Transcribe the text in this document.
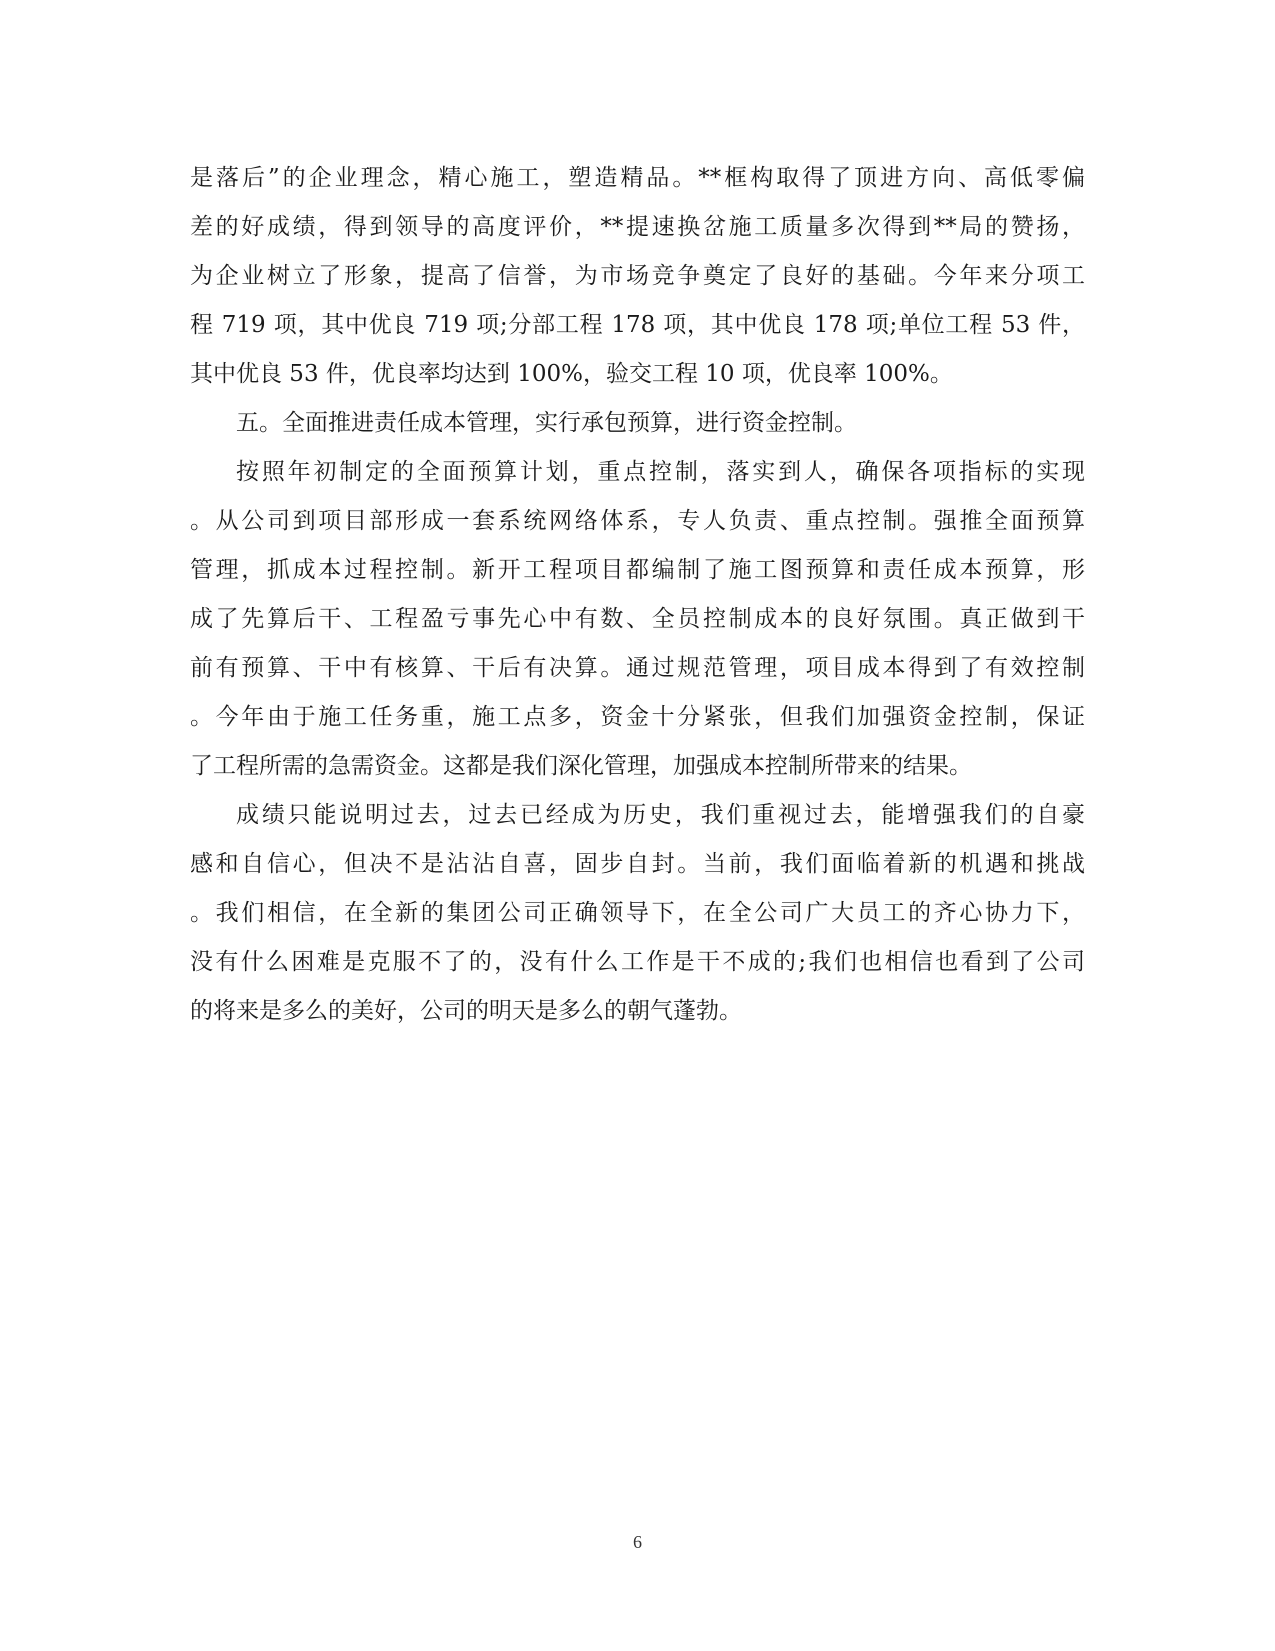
是落后”的企业理念，精心施工，塑造精品。**框构取得了顶进方向、高低零偏
差的好成绩，得到领导的高度评价，**提速换岔施工质量多次得到**局的赞扬，
为企业树立了形象，提高了信誉，为市场竞争奠定了良好的基础。今年来分项工
程 719 项，其中优良 719 项;分部工程 178 项，其中优良 178 项;单位工程 53 件，
其中优良 53 件，优良率均达到 100%，验交工程 10 项，优良率 100%。
五。全面推进责任成本管理，实行承包预算，进行资金控制。
按照年初制定的全面预算计划，重点控制，落实到人，确保各项指标的实现
。从公司到项目部形成一套系统网络体系，专人负责、重点控制。强推全面预算
管理，抓成本过程控制。新开工程项目都编制了施工图预算和责任成本预算，形
成了先算后干、工程盈亏事先心中有数、全员控制成本的良好氛围。真正做到干
前有预算、干中有核算、干后有决算。通过规范管理，项目成本得到了有效控制
。今年由于施工任务重，施工点多，资金十分紧张，但我们加强资金控制，保证
了工程所需的急需资金。这都是我们深化管理，加强成本控制所带来的结果。
成绩只能说明过去，过去已经成为历史，我们重视过去，能增强我们的自豪
感和自信心，但决不是沾沾自喜，固步自封。当前，我们面临着新的机遇和挑战
。我们相信，在全新的集团公司正确领导下，在全公司广大员工的齐心协力下，
没有什么困难是克服不了的，没有什么工作是干不成的;我们也相信也看到了公司
的将来是多么的美好，公司的明天是多么的朝气蓬勃。
6
